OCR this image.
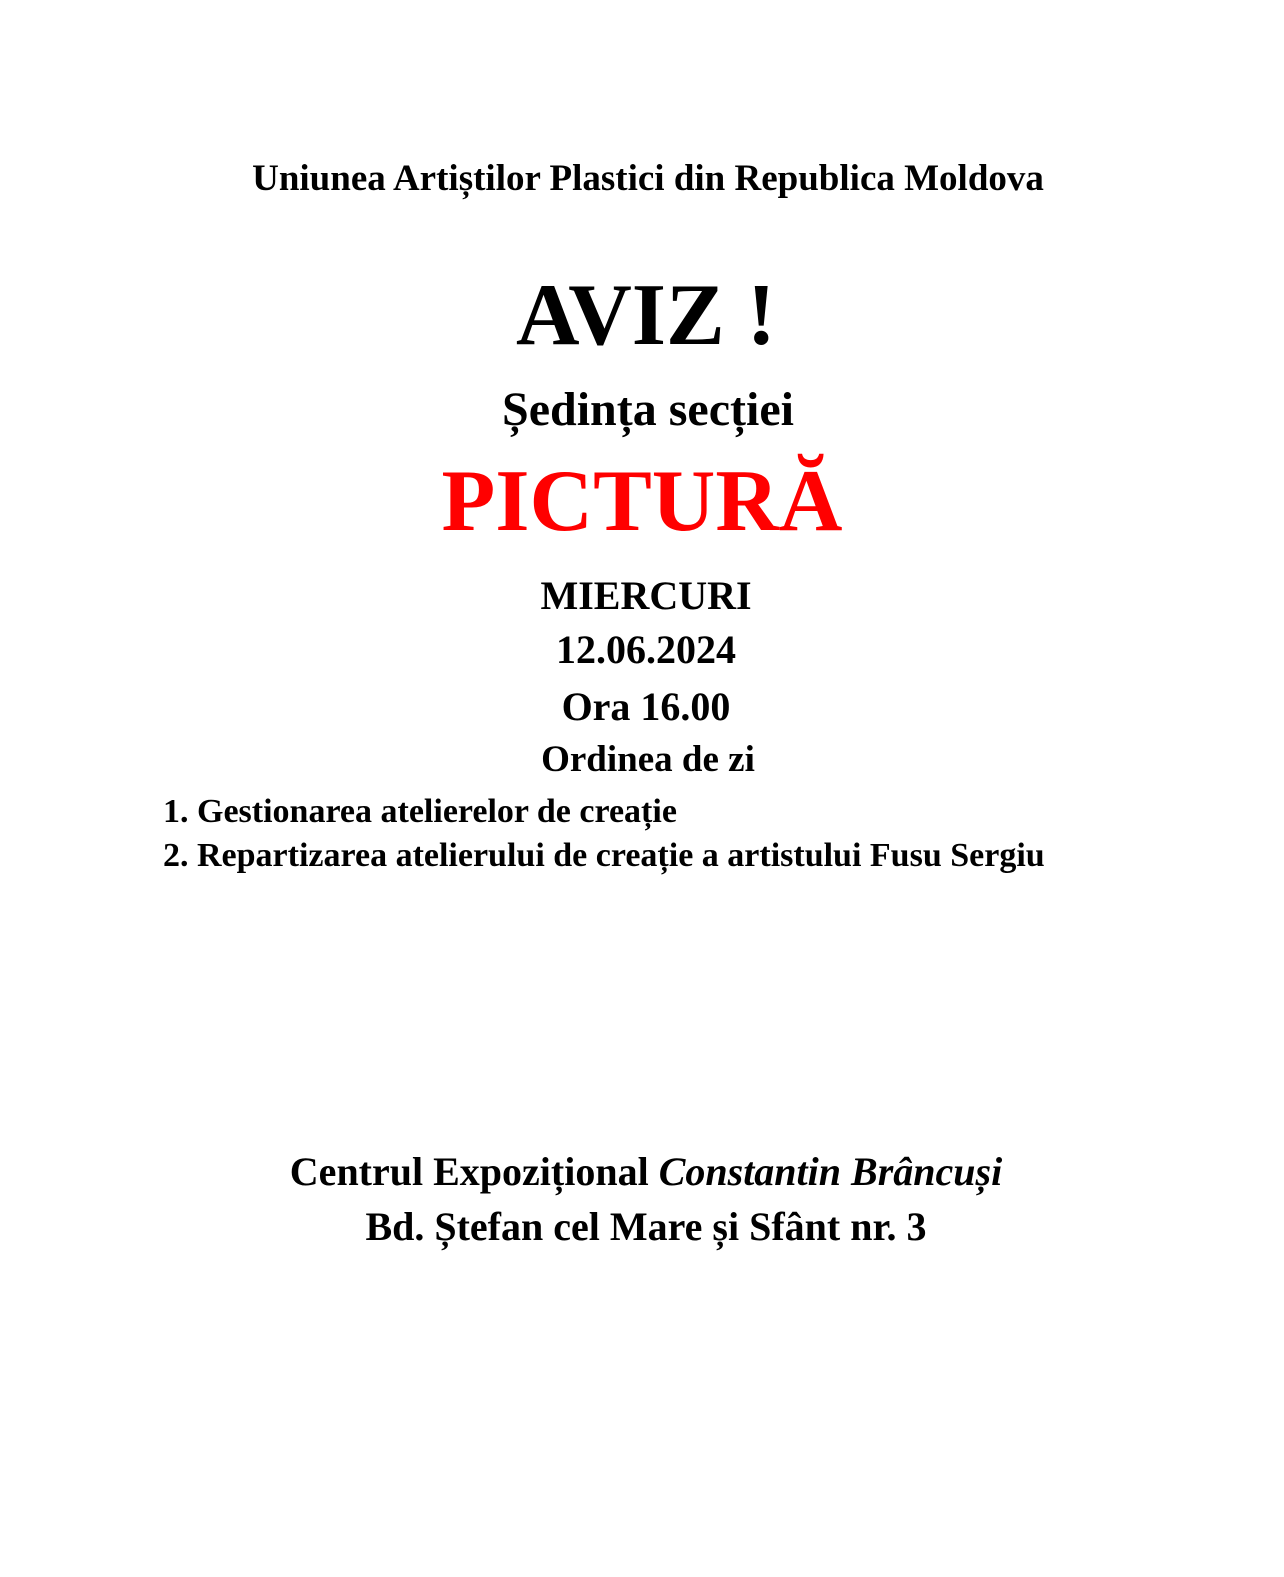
Uniunea Artiștilor Plastici din Republica Moldova
AVIZ !
Ședința secției
PICTURĂ
MIERCURI
12.06.2024
Ora 16.00
Ordinea de zi
1. Gestionarea atelierelor de creație
2. Repartizarea atelierului de creație a artistului Fusu Sergiu
Centrul Expozițional Constantin Brâncuși
Bd. Ștefan cel Mare și Sfânt nr. 3
